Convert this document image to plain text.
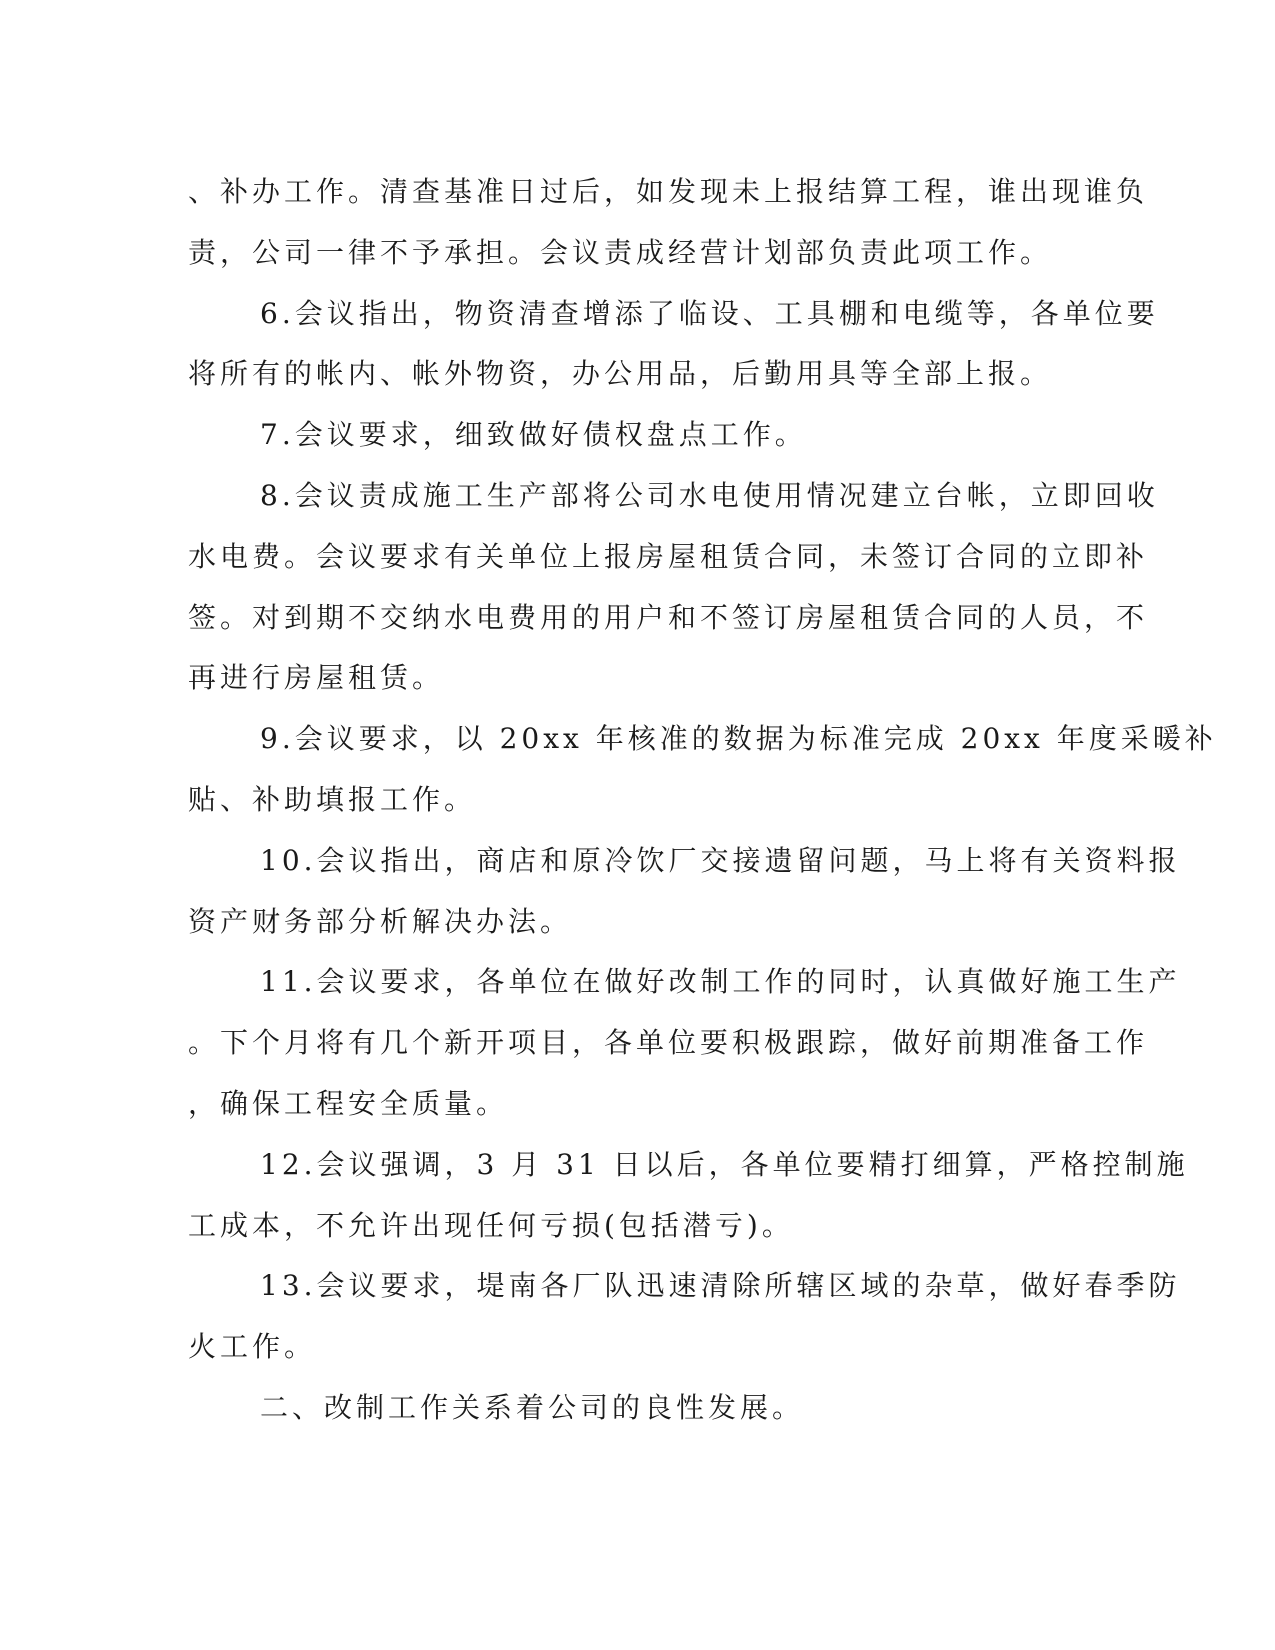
、补办工作。清查基准日过后，如发现未上报结算工程，谁出现谁负
责，公司一律不予承担。会议责成经营计划部负责此项工作。
6.会议指出，物资清查增添了临设、工具棚和电缆等，各单位要
将所有的帐内、帐外物资，办公用品，后勤用具等全部上报。
7.会议要求，细致做好债权盘点工作。
8.会议责成施工生产部将公司水电使用情况建立台帐，立即回收
水电费。会议要求有关单位上报房屋租赁合同，未签订合同的立即补
签。对到期不交纳水电费用的用户和不签订房屋租赁合同的人员，不
再进行房屋租赁。
9.会议要求，以 20xx 年核准的数据为标准完成 20xx 年度采暖补
贴、补助填报工作。
10.会议指出，商店和原冷饮厂交接遗留问题，马上将有关资料报
资产财务部分析解决办法。
11.会议要求，各单位在做好改制工作的同时，认真做好施工生产
。下个月将有几个新开项目，各单位要积极跟踪，做好前期准备工作
，确保工程安全质量。
12.会议强调，3 月 31 日以后，各单位要精打细算，严格控制施
工成本，不允许出现任何亏损(包括潜亏)。
13.会议要求，堤南各厂队迅速清除所辖区域的杂草，做好春季防
火工作。
二、改制工作关系着公司的良性发展。
